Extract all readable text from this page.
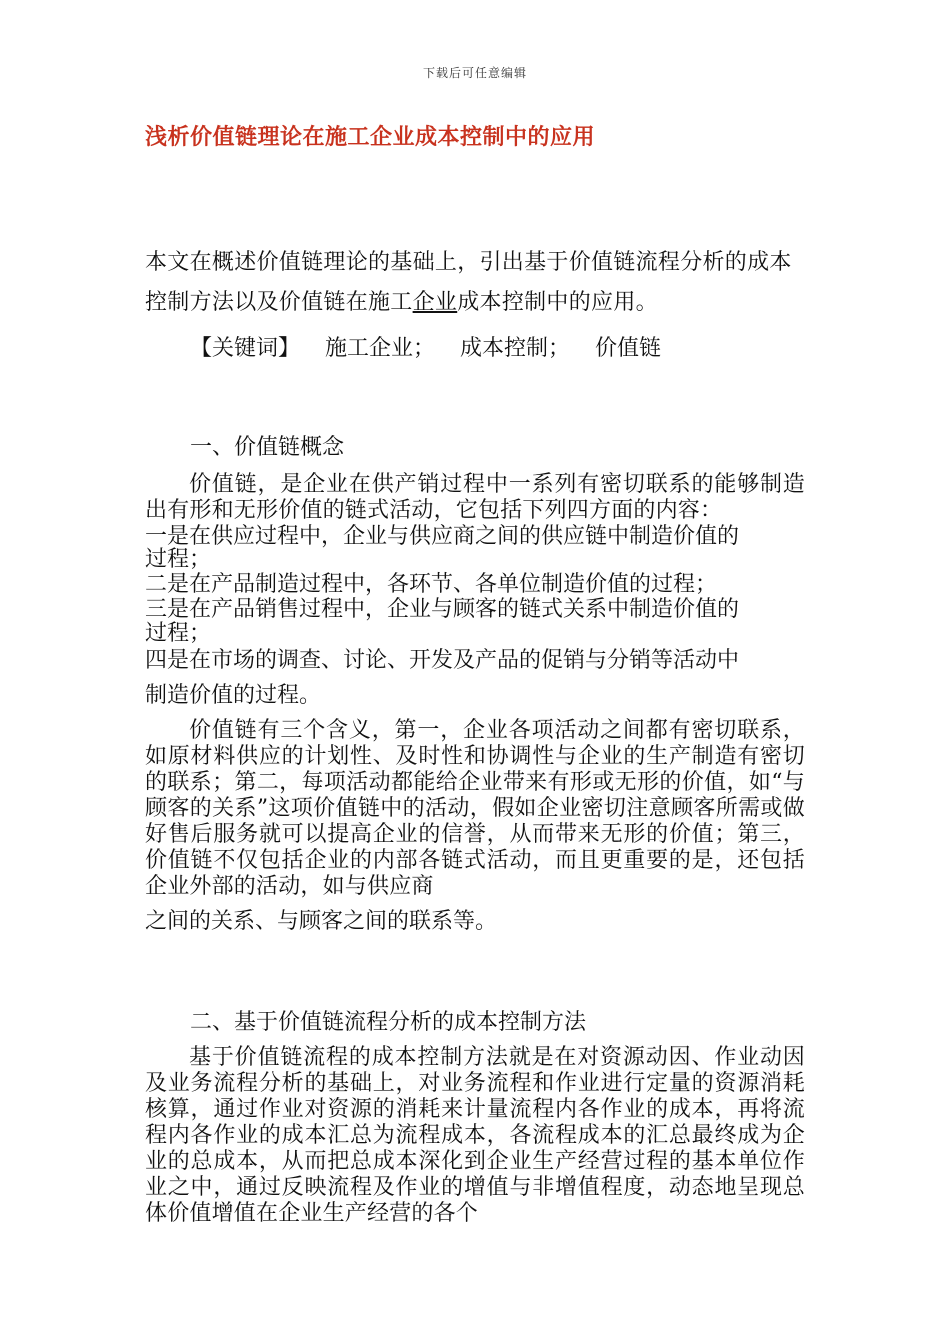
下载后可任意编辑
浅析价值链理论在施工企业成本控制中的应用

本文在概述价值链理论的基础上，引出基于价值链流程分析的成本控制方法以及价值链在施工企业成本控制中的应用。

【关键词】 施工企业； 成本控制； 价值链
一、价值链概念

价值链，是企业在供产销过程中一系列有密切联系的能够制造出有形和无形价值的链式活动，它包括下列四方面的内容：

一是在供应过程中，企业与供应商之间的供应链中制造价值的
过程；
二是在产品制造过程中，各环节、各单位制造价值的过程；
三是在产品销售过程中，企业与顾客的链式关系中制造价值的
过程；
四是在市场的调查、讨论、开发及产品的促销与分销等活动中
制造价值的过程。

价值链有三个含义，第一，企业各项活动之间都有密切联系，如原材料供应的计划性、及时性和协调性与企业的生产制造有密切的联系；第二，每项活动都能给企业带来有形或无形的价值，如“与顾客的关系”这项价值链中的活动，假如企业密切注意顾客所需或做好售后服务就可以提高企业的信誉，从而带来无形的价值；第三，价值链不仅包括企业的内部各链式活动，而且更重要的是，还包括企业外部的活动，如与供应商

之间的关系、与顾客之间的联系等。
二、基于价值链流程分析的成本控制方法

基于价值链流程的成本控制方法就是在对资源动因、作业动因及业务流程分析的基础上，对业务流程和作业进行定量的资源消耗核算，通过作业对资源的消耗来计量流程内各作业的成本，再将流程内各作业的成本汇总为流程成本，各流程成本的汇总最终成为企业的总成本，从而把总成本深化到企业生产经营过程的基本单位作业之中，通过反映流程及作业的增值与非增值程度，动态地呈现总体价值增值在企业生产经营的各个
